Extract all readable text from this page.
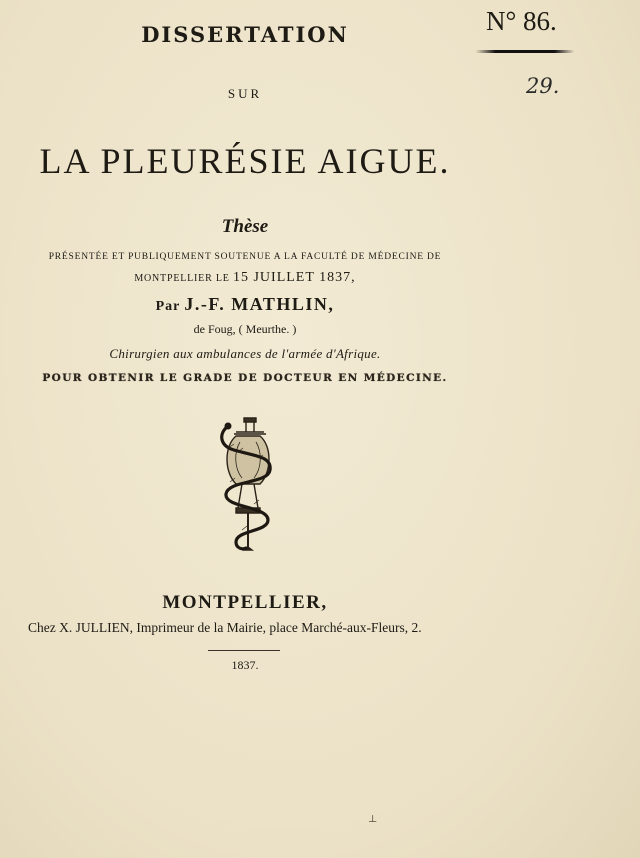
DISSERTATION
SUR
LA PLEURÉSIE AIGUE.
Thèse
PRÉSENTÉE ET PUBLIQUEMENT SOUTENUE A LA FACULTÉ DE MÉDECINE DE
MONTPELLIER LE 15 JUILLET 1837,
Par J.-F. MATHLIN,
de Foug, ( Meurthe. )
Chirurgien aux ambulances de l'armée d'Afrique.
POUR OBTENIR LE GRADE DE DOCTEUR EN MÉDECINE.
MONTPELLIER,
Chez X. JULLIEN, Imprimeur de la Mairie, place Marché-aux-Fleurs, 2.
1837.
N° 86.
29.
⊥
